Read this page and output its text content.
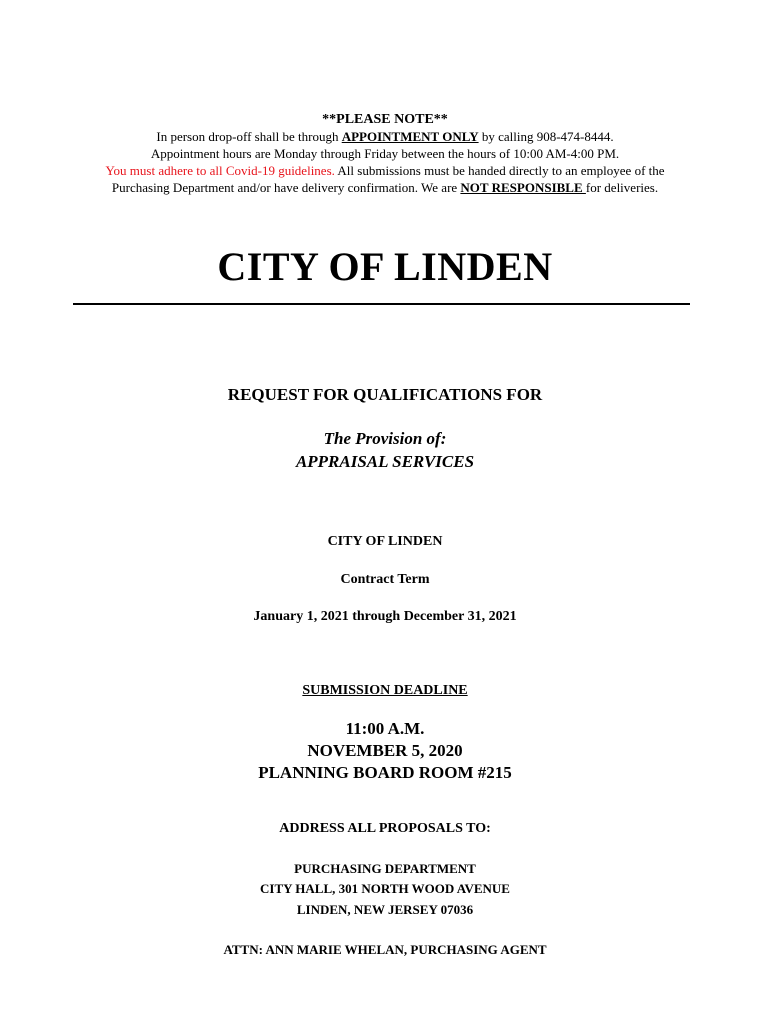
**PLEASE NOTE**
In person drop-off shall be through APPOINTMENT ONLY by calling 908-474-8444.
Appointment hours are Monday through Friday between the hours of 10:00 AM-4:00 PM.
You must adhere to all Covid-19 guidelines. All submissions must be handed directly to an employee of the
Purchasing Department and/or have delivery confirmation. We are NOT RESPONSIBLE for deliveries.
CITY OF LINDEN
REQUEST FOR QUALIFICATIONS FOR
The Provision of:
APPRAISAL SERVICES
CITY OF LINDEN
Contract Term
January 1, 2021 through December 31, 2021
SUBMISSION DEADLINE
11:00 A.M.
NOVEMBER 5, 2020
PLANNING BOARD ROOM #215
ADDRESS ALL PROPOSALS TO:
PURCHASING DEPARTMENT
CITY HALL, 301 NORTH WOOD AVENUE
LINDEN, NEW JERSEY 07036
ATTN: ANN MARIE WHELAN, PURCHASING AGENT
